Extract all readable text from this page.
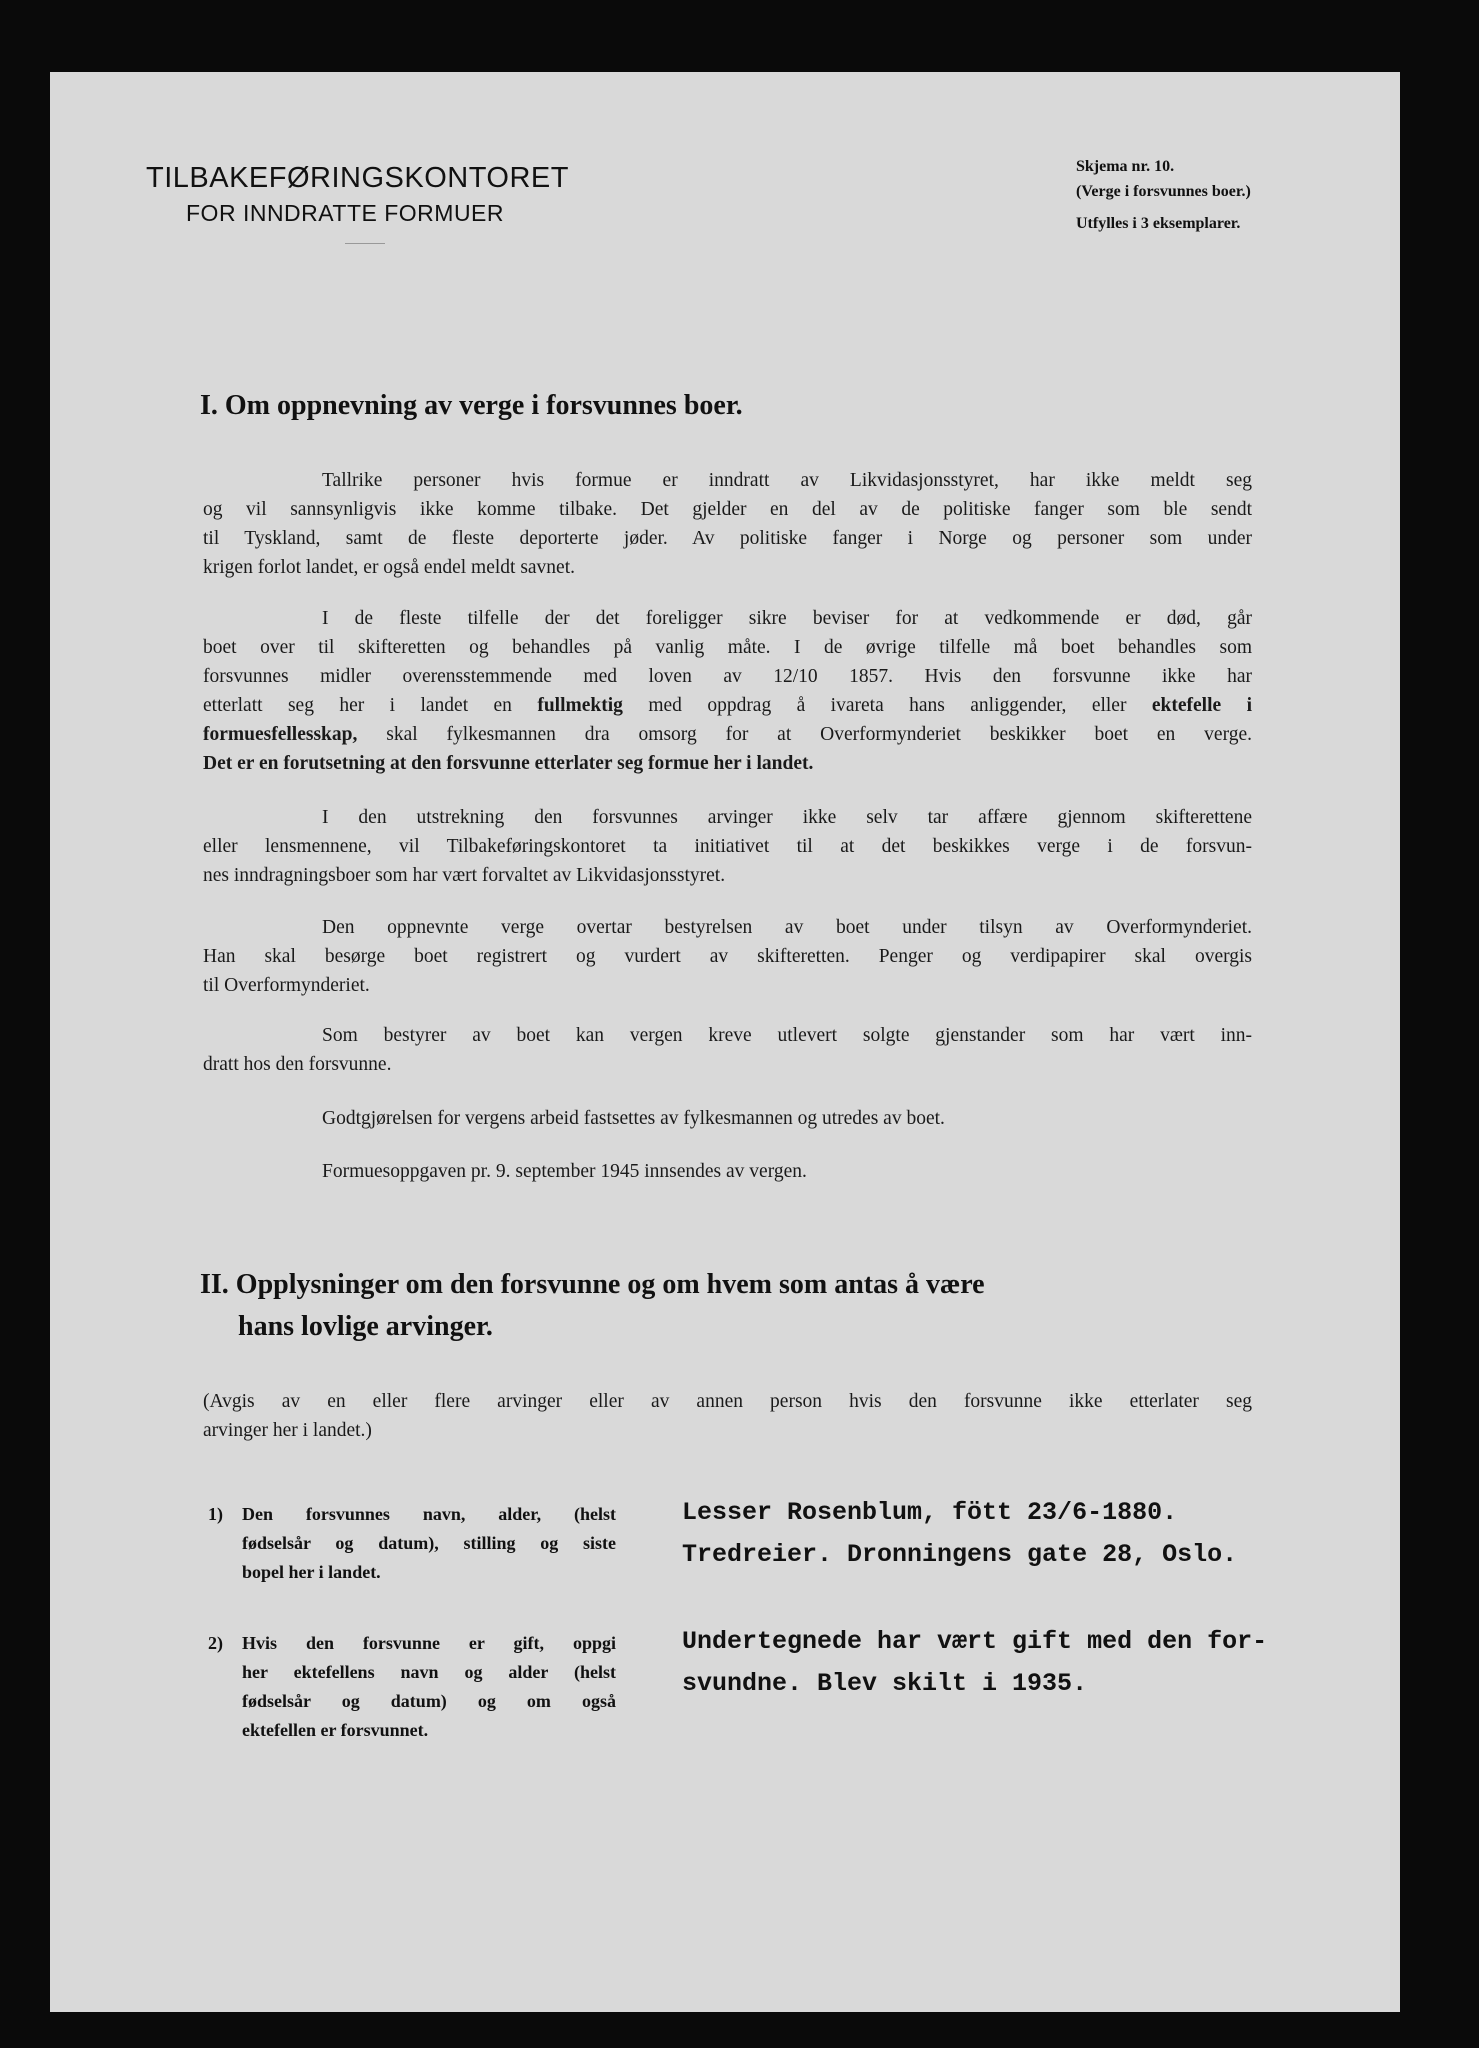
TILBAKEFØRINGSKONTORET
FOR INNDRATTE FORMUER
Skjema nr. 10.
(Verge i forsvunnes boer.)
Utfylles i 3 eksemplarer.
I. Om oppnevning av verge i forsvunnes boer.
Tallrike personer hvis formue er inndratt av Likvidasjonsstyret, har ikke meldt seg
og vil sannsynligvis ikke komme tilbake. Det gjelder en del av de politiske fanger som ble sendt
til Tyskland, samt de fleste deporterte jøder. Av politiske fanger i Norge og personer som under
krigen forlot landet, er også endel meldt savnet.
I de fleste tilfelle der det foreligger sikre beviser for at vedkommende er død, går
boet over til skifteretten og behandles på vanlig måte. I de øvrige tilfelle må boet behandles som
forsvunnes midler overensstemmende med loven av 12/10 1857. Hvis den forsvunne ikke har
etterlatt seg her i landet en fullmektig med oppdrag å ivareta hans anliggender, eller ektefelle i
formuesfellesskap, skal fylkesmannen dra omsorg for at Overformynderiet beskikker boet en verge.
Det er en forutsetning at den forsvunne etterlater seg formue her i landet.
I den utstrekning den forsvunnes arvinger ikke selv tar affære gjennom skifterettene
eller lensmennene, vil Tilbakeføringskontoret ta initiativet til at det beskikkes verge i de forsvun-
nes inndragningsboer som har vært forvaltet av Likvidasjonsstyret.
Den oppnevnte verge overtar bestyrelsen av boet under tilsyn av Overformynderiet.
Han skal besørge boet registrert og vurdert av skifteretten. Penger og verdipapirer skal overgis
til Overformynderiet.
Som bestyrer av boet kan vergen kreve utlevert solgte gjenstander som har vært inn-
dratt hos den forsvunne.
Godtgjørelsen for vergens arbeid fastsettes av fylkesmannen og utredes av boet.
Formuesoppgaven pr. 9. september 1945 innsendes av vergen.
II. Opplysninger om den forsvunne og om hvem som antas å være
hans lovlige arvinger.
(Avgis av en eller flere arvinger eller av annen person hvis den forsvunne ikke etterlater seg
arvinger her i landet.)
1)	Den forsvunnes navn, alder, (helst
fødselsår og datum), stilling og siste
bopel her i landet.
Lesser Rosenblum, fött 23/6-1880.
Tredreier. Dronningens gate 28, Oslo.
2)	Hvis den forsvunne er gift, oppgi
her ektefellens navn og alder (helst
fødselsår og datum) og om også
ektefellen er forsvunnet.
Undertegnede har vært gift med den for-
svundne. Blev skilt i 1935.
